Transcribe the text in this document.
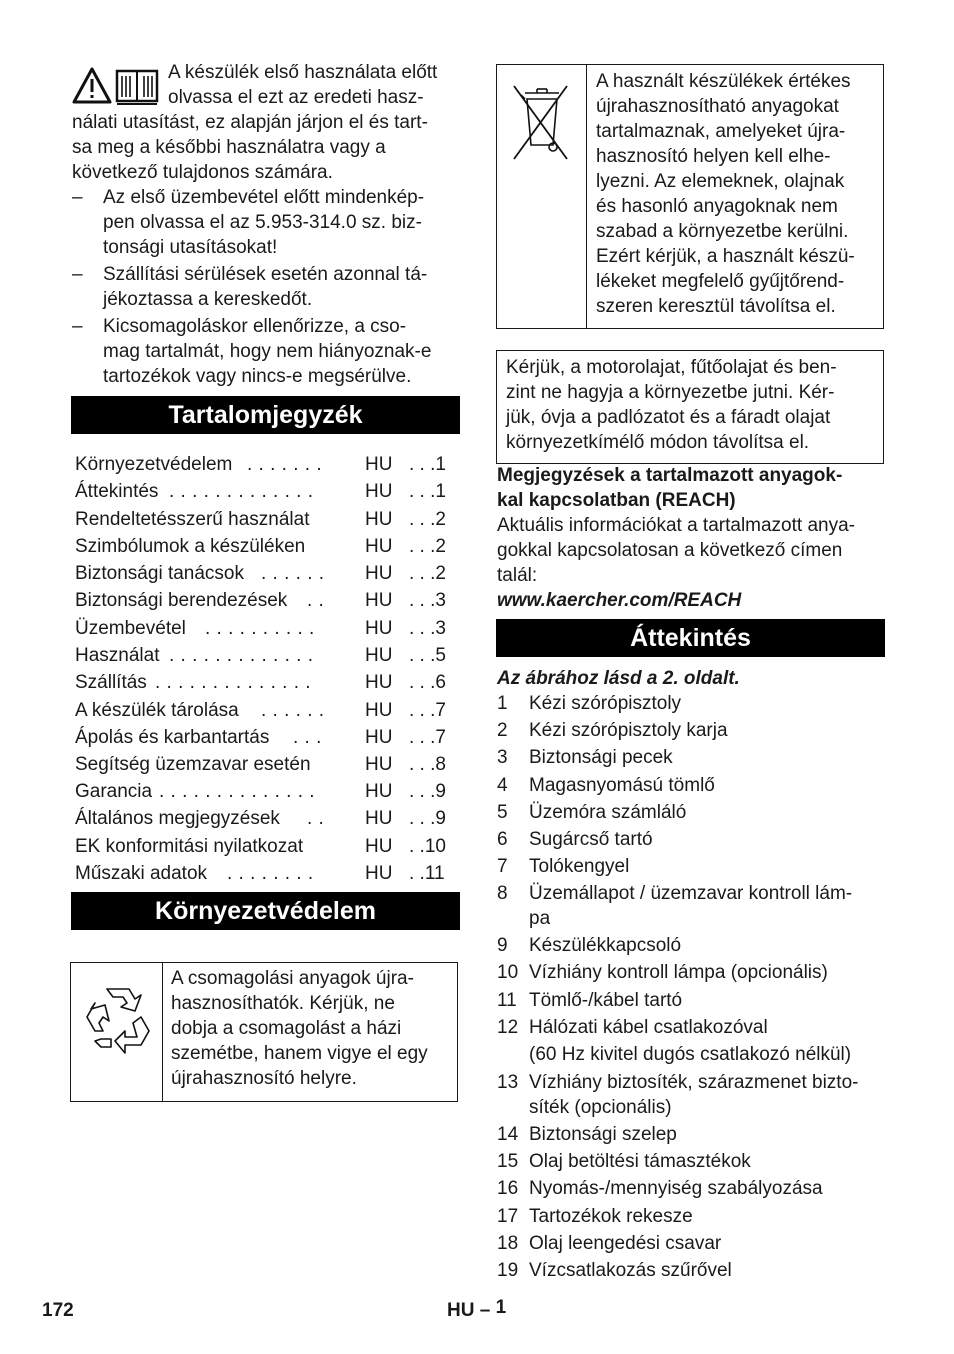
A készülék első használata előtt
olvassa el ezt az eredeti hasz-
nálati utasítást, ez alapján járjon el és tart-
sa meg a későbbi használatra vagy a
következő tulajdonos számára.
– Az első üzembevétel előtt mindenkép-
pen olvassa el az 5.953-314.0 sz. biz-
tonsági utasításokat!
– Szállítási sérülések esetén azonnal tá-
jékoztassa a kereskedőt.
– Kicsomagoláskor ellenőrizze, a cso-
mag tartalmát, hogy nem hiányoznak-e
tartozékok vagy nincs-e megsérülve.
Tartalomjegyzék
Környezetvédelem . . . . . . . HU . . .1
Áttekintés . . . . . . . . . . . . .	HU . . .1
Rendeltetésszerű használat	HU . . .2
Szimbólumok a készüléken	HU . . .2
Biztonsági tanácsok . . . . . . HU . . .2
Biztonsági berendezések . . HU . . .3
Üzembevétel . . . . . . . . . .	HU . . .3
Használat . . . . . . . . . . . . .	HU . . .5
Szállítás . . . . . . . . . . . . . .	HU . . .6
A készülék tárolása . . . . . . HU . . .7
Ápolás és karbantartás . . . HU . . .7
Segítség üzemzavar esetén	HU . . .8
Garancia . . . . . . . . . . . . . .	HU . . .9
Általános megjegyzések . . HU . . .9
EK konformitási nyilatkozat	HU . .10
Műszaki adatok . . . . . . . .	HU . .11
Környezetvédelem
A csomagolási anyagok újra-
hasznosíthatók. Kérjük, ne
dobja a csomagolást a házi
szemétbe, hanem vigye el egy
újrahasznosító helyre.
A használt készülékek értékes
újrahasznosítható anyagokat
tartalmaznak, amelyeket újra-
hasznosító helyen kell elhe-
lyezni. Az elemeknek, olajnak
és hasonló anyagoknak nem
szabad a környezetbe kerülni.
Ezért kérjük, a használt készü-
lékeket megfelelő gyűjtőrend-
szeren keresztül távolítsa el.
Kérjük, a motorolajat, fűtőolajat és ben-
zint ne hagyja a környezetbe jutni. Kér-
jük, óvja a padlózatot és a fáradt olajat
környezetkímélő módon távolítsa el.
Megjegyzések a tartalmazott anyagok-
kal kapcsolatban (REACH)
Aktuális információkat a tartalmazott anya-
gokkal kapcsolatosan a következő címen
talál:
www.kaercher.com/REACH
Áttekintés
Az ábrához lásd a 2. oldalt.
1 Kézi szórópisztoly
2 Kézi szórópisztoly karja
3 Biztonsági pecek
4 Magasnyomású tömlő
5 Üzemóra számláló
6 Sugárcső tartó
7 Tolókengyel
8 Üzemállapot / üzemzavar kontroll lám-
pa
9 Készülékkapcsoló
10 Vízhiány kontroll lámpa (opcionális)
11 Tömlő-/kábel tartó
12 Hálózati kábel csatlakozóval
(60 Hz kivitel dugós csatlakozó nélkül)
13 Vízhiány biztosíték, szárazmenet bizto-
síték (opcionális)
14 Biztonsági szelep
15 Olaj betöltési támasztékok
16 Nyomás-/mennyiség szabályozása
17 Tartozékok rekesze
18 Olaj leengedési csavar
19 Vízcsatlakozás szűrővel
172	HU – 1
